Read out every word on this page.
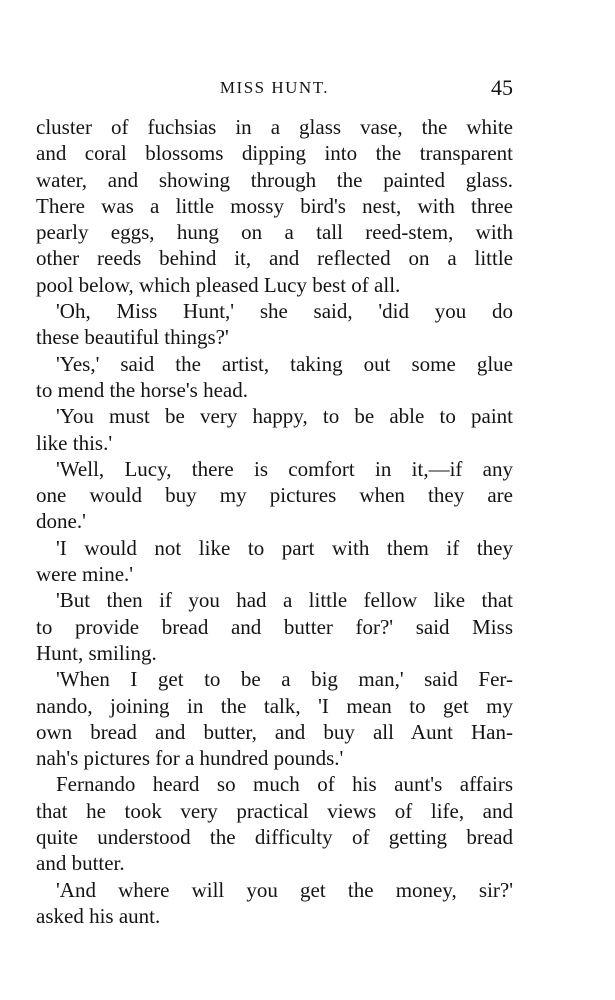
MISS HUNT.	45

cluster of fuchsias in a glass vase, the white
and coral blossoms dipping into the transparent
water, and showing through the painted glass.
There was a little mossy bird's nest, with three
pearly eggs, hung on a tall reed-stem, with
other reeds behind it, and reflected on a little
pool below, which pleased Lucy best of all.

'Oh, Miss Hunt,' she said, 'did you do
these beautiful things?'

'Yes,' said the artist, taking out some glue
to mend the horse's head.

'You must be very happy, to be able to paint
like this.'

'Well, Lucy, there is comfort in it,—if any
one would buy my pictures when they are
done.'

'I would not like to part with them if they
were mine.'

'But then if you had a little fellow like that
to provide bread and butter for?' said Miss
Hunt, smiling.

'When I get to be a big man,' said Fer-
nando, joining in the talk, 'I mean to get my
own bread and butter, and buy all Aunt Han-
nah's pictures for a hundred pounds.'

Fernando heard so much of his aunt's affairs
that he took very practical views of life, and
quite understood the difficulty of getting bread
and butter.

'And where will you get the money, sir?'
asked his aunt.
